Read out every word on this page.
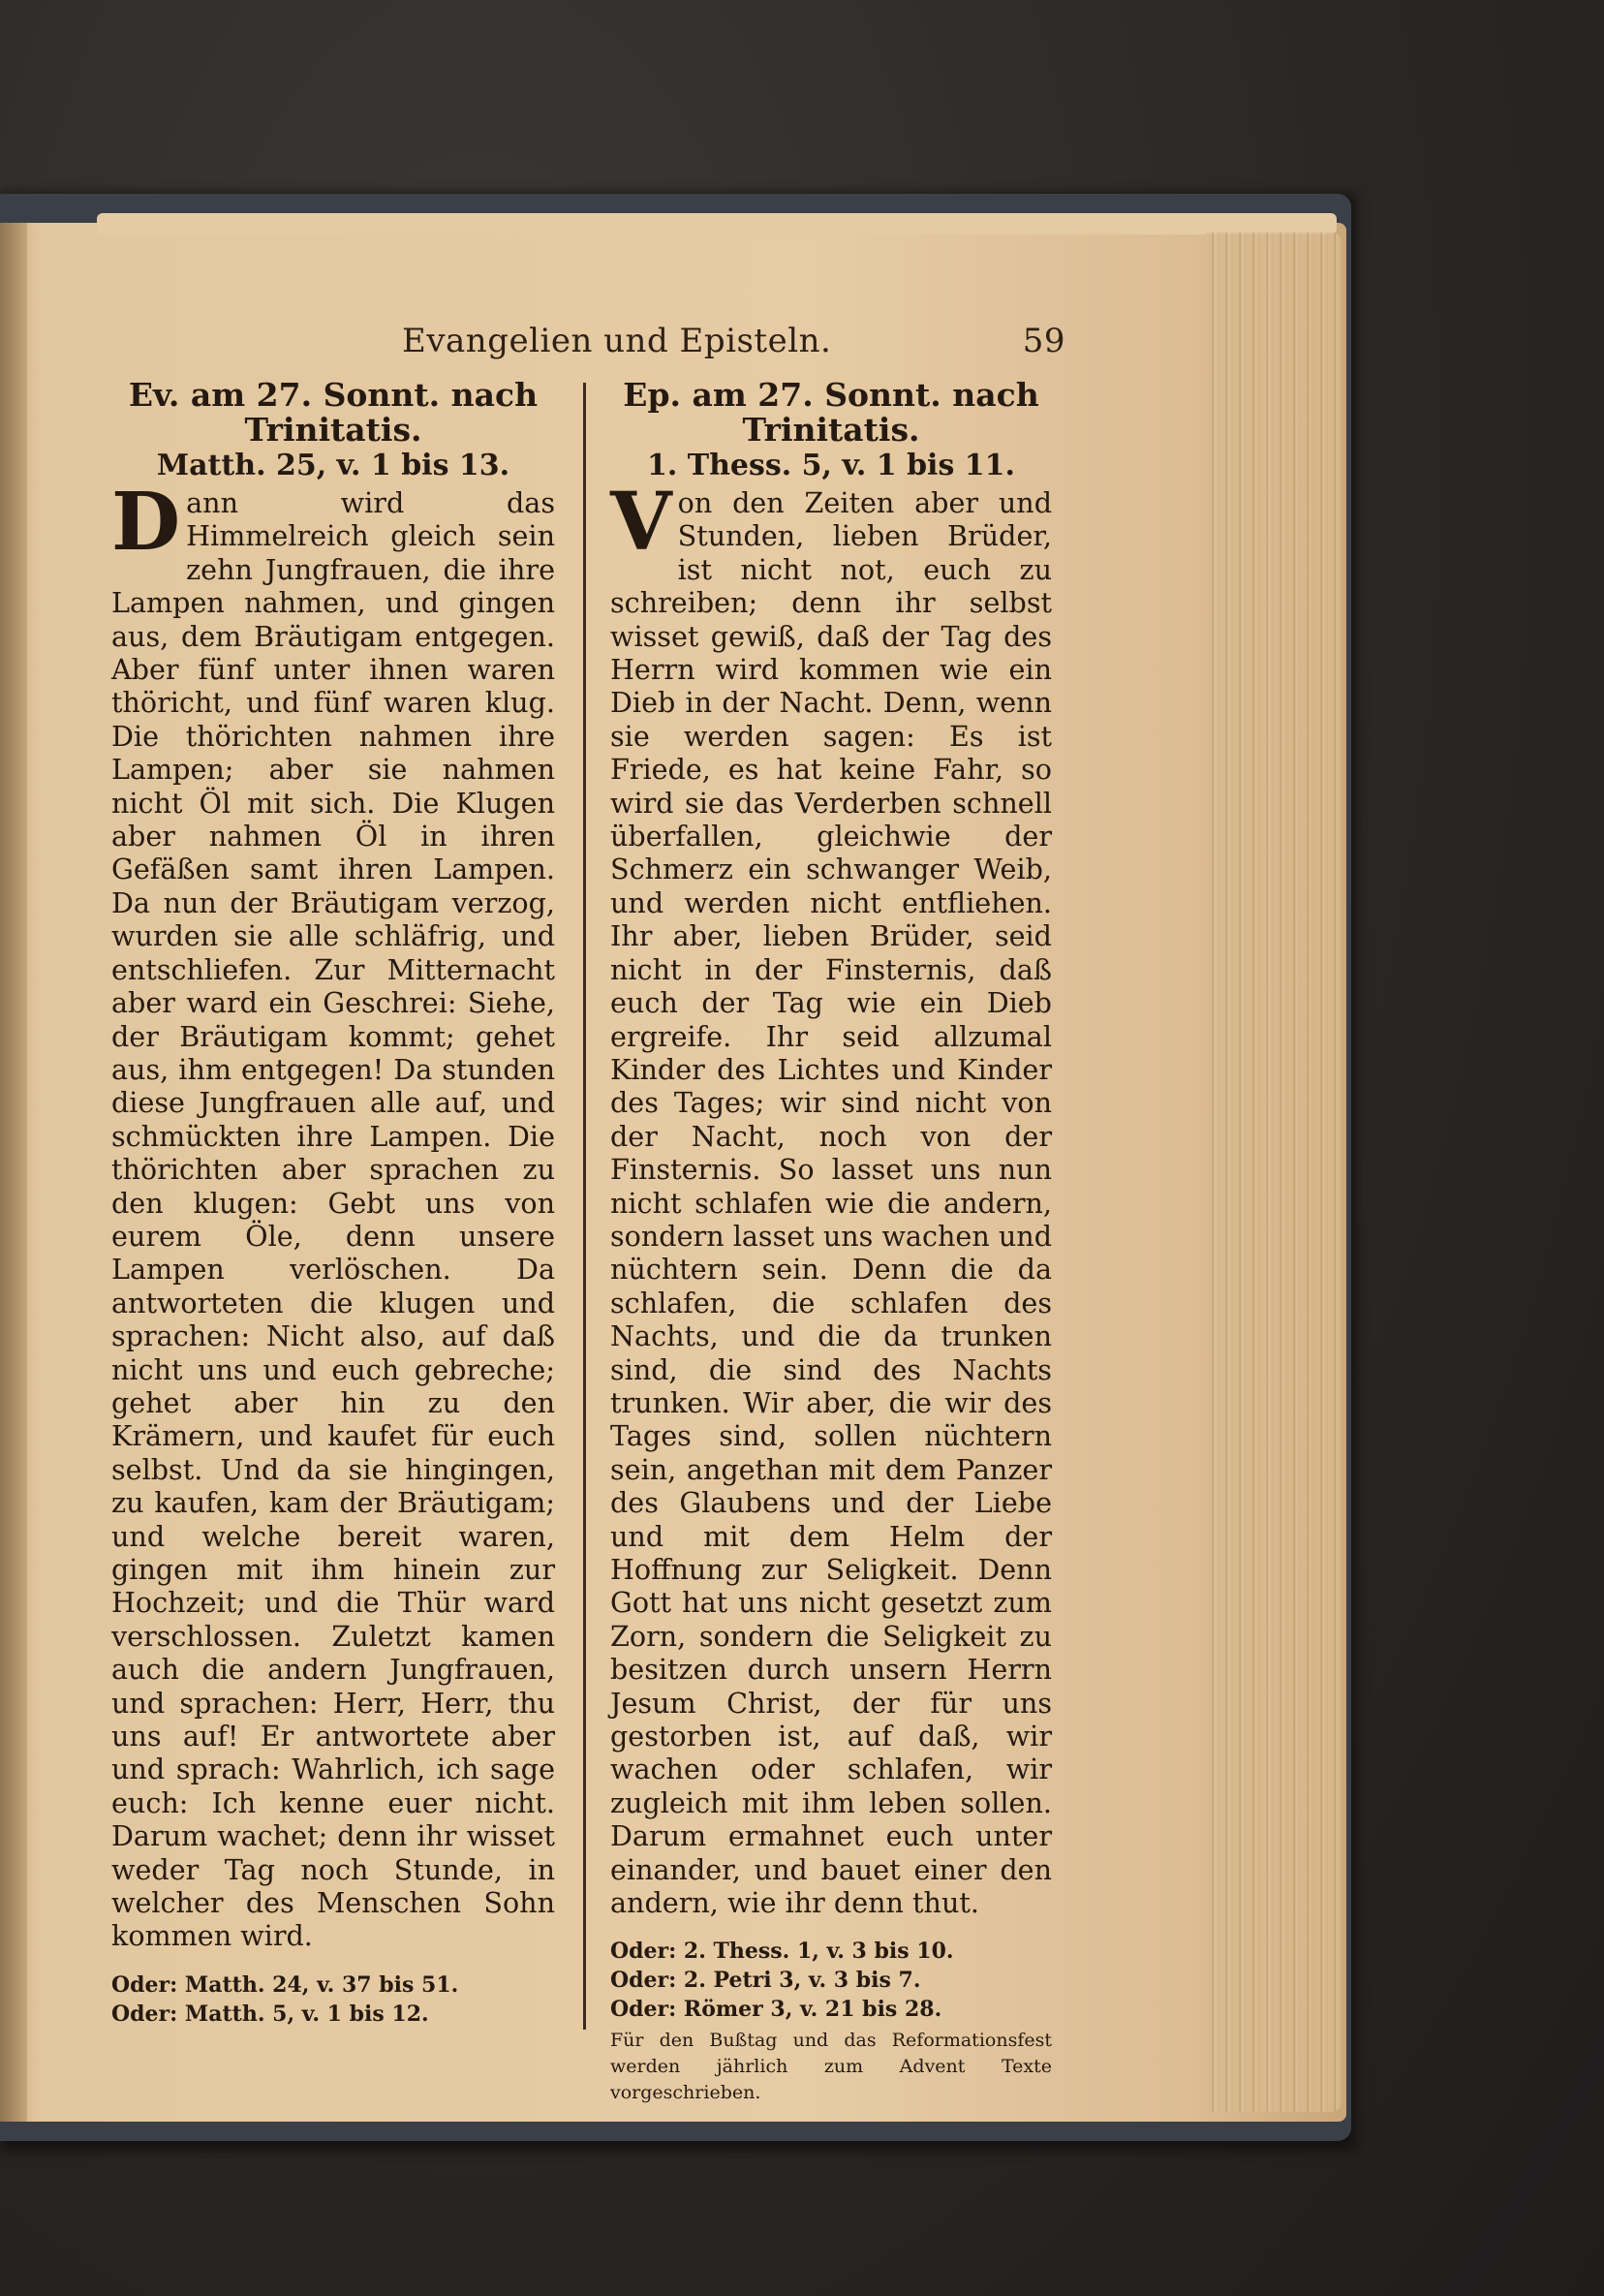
Evangelien und Episteln.	59

Ev. am 27. Sonnt. nach Trinitatis.

Matth. 25, v. 1 bis 13.

Dann wird das Himmelreich gleich sein zehn Jungfrauen, die ihre Lampen nahmen, und gingen aus, dem Bräutigam entgegen. Aber fünf unter ihnen waren thöricht, und fünf waren klug. Die thörichten nahmen ihre Lampen; aber sie nahmen nicht Öl mit sich. Die Klugen aber nahmen Öl in ihren Gefäßen samt ihren Lampen. Da nun der Bräutigam verzog, wurden sie alle schläfrig, und entschliefen. Zur Mitternacht aber ward ein Geschrei: Siehe, der Bräutigam kommt; gehet aus, ihm entgegen! Da stunden diese Jungfrauen alle auf, und schmückten ihre Lampen. Die thörichten aber sprachen zu den klugen: Gebt uns von eurem Öle, denn unsere Lampen verlöschen. Da antworteten die klugen und sprachen: Nicht also, auf daß nicht uns und euch gebreche; gehet aber hin zu den Krämern, und kaufet für euch selbst. Und da sie hingingen, zu kaufen, kam der Bräutigam; und welche bereit waren, gingen mit ihm hinein zur Hochzeit; und die Thür ward verschlossen. Zuletzt kamen auch die andern Jungfrauen, und sprachen: Herr, Herr, thu uns auf! Er antwortete aber und sprach: Wahrlich, ich sage euch: Ich kenne euer nicht. Darum wachet; denn ihr wisset weder Tag noch Stunde, in welcher des Menschen Sohn kommen wird.

Oder: Matth. 24, v. 37 bis 51.

Oder: Matth. 5, v. 1 bis 12.

Ep. am 27. Sonnt. nach Trinitatis.

1. Thess. 5, v. 1 bis 11.

Von den Zeiten aber und Stunden, lieben Brüder, ist nicht not, euch zu schreiben; denn ihr selbst wisset gewiß, daß der Tag des Herrn wird kommen wie ein Dieb in der Nacht. Denn, wenn sie werden sagen: Es ist Friede, es hat keine Fahr, so wird sie das Verderben schnell überfallen, gleichwie der Schmerz ein schwanger Weib, und werden nicht entfliehen. Ihr aber, lieben Brüder, seid nicht in der Finsternis, daß euch der Tag wie ein Dieb ergreife. Ihr seid allzumal Kinder des Lichtes und Kinder des Tages; wir sind nicht von der Nacht, noch von der Finsternis. So lasset uns nun nicht schlafen wie die andern, sondern lasset uns wachen und nüchtern sein. Denn die da schlafen, die schlafen des Nachts, und die da trunken sind, die sind des Nachts trunken. Wir aber, die wir des Tages sind, sollen nüchtern sein, angethan mit dem Panzer des Glaubens und der Liebe und mit dem Helm der Hoffnung zur Seligkeit. Denn Gott hat uns nicht gesetzt zum Zorn, sondern die Seligkeit zu besitzen durch unsern Herrn Jesum Christ, der für uns gestorben ist, auf daß, wir wachen oder schlafen, wir zugleich mit ihm leben sollen. Darum ermahnet euch unter einander, und bauet einer den andern, wie ihr denn thut.

Oder: 2. Thess. 1, v. 3 bis 10.

Oder: 2. Petri 3, v. 3 bis 7.

Oder: Römer 3, v. 21 bis 28.

Für den Bußtag und das Reformationsfest werden jährlich zum Advent Texte vorgeschrieben.
